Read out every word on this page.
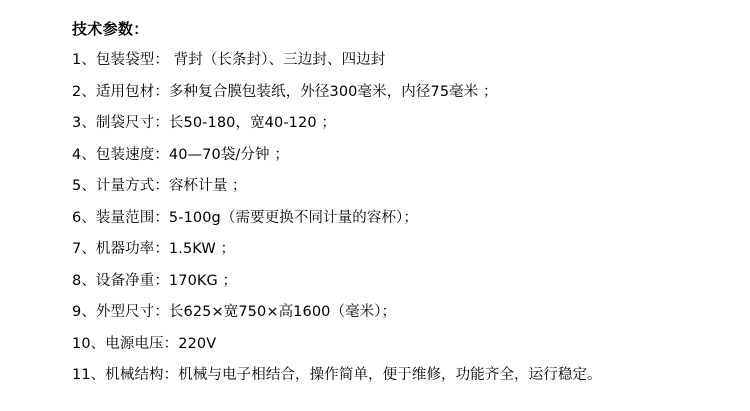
技术参数：
1、包装袋型： 背封（长条封）、三边封、四边封
2、适用包材：多种复合膜包装纸，外径300毫米，内径75毫米 ；
3、制袋尺寸：长50-180，宽40-120 ；
4、包装速度：40—70袋/分钟 ；
5、计量方式：容杯计量 ；
6、装量范围：5-100g（需要更换不同计量的容杯）；
7、机器功率：1.5KW ；
8、设备净重：170KG ；
9、外型尺寸：长625×宽750×高1600（毫米）；
10、电源电压：220V
11、机械结构：机械与电子相结合，操作简单，便于维修，功能齐全，运行稳定。
